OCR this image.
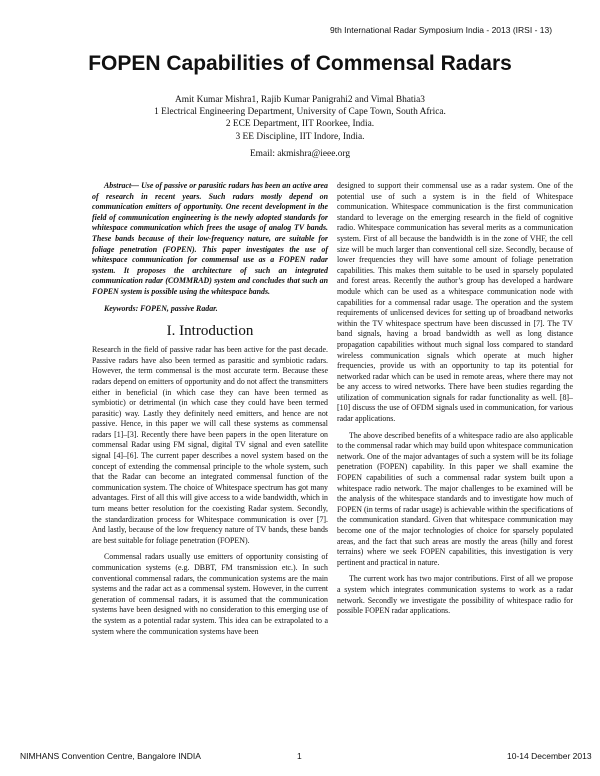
9th International Radar Symposium India - 2013 (IRSI - 13)
FOPEN Capabilities of Commensal Radars
Amit Kumar Mishra1, Rajib Kumar Panigrahi2 and Vimal Bhatia3
1 Electrical Engineering Department, University of Cape Town, South Africa.
2 ECE Department, IIT Roorkee, India.
3 EE Discipline, IIT Indore, India.
Email: akmishra@ieee.org

Abstract— Use of passive or parasitic radars has been an active area of research in recent years. Such radars mostly depend on communication emitters of opportunity. One recent development in the field of communication engineering is the newly adopted standards for whitespace communication which frees the usage of analog TV bands. These bands because of their low-frequency nature, are suitable for foliage penetration (FOPEN). This paper investigates the use of whitespace communication for commensal use as a FOPEN radar system. It proposes the architecture of such an integrated communication radar (COMMRAD) system and concludes that such an FOPEN system is possible using the whitespace bands.

Keywords: FOPEN, passive Radar.

I. Introduction

Research in the field of passive radar has been active for the past decade. Passive radars have also been termed as parasitic and symbiotic radars. However, the term commensal is the most accurate term. Because these radars depend on emitters of opportunity and do not affect the transmitters either in beneficial (in which case they can have been termed as symbiotic) or detrimental (in which case they could have been termed parasitic) way. Lastly they definitely need emitters, and hence are not passive. Hence, in this paper we will call these systems as commensal radars [1]–[3]. Recently there have been papers in the open literature on commensal Radar using FM signal, digital TV signal and even satellite signal [4]–[6]. The current paper describes a novel system based on the concept of extending the commensal principle to the whole system, such that the Radar can become an integrated commensal function of the communication system. The choice of Whitespace spectrum has got many advantages. First of all this will give access to a wide bandwidth, which in turn means better resolution for the coexisting Radar system. Secondly, the standardization process for Whitespace communication is over [7]. And lastly, because of the low frequency nature of TV bands, these bands are best suitable for foliage penetration (FOPEN).

Commensal radars usually use emitters of opportunity consisting of communication systems (e.g. DBBT, FM transmission etc.). In such conventional commensal radars, the communication systems are the main systems and the radar act as a commensal system. However, in the current generation of commensal radars, it is assumed that the communication systems have been designed with no consideration to this emerging use of the system as a potential radar system. This idea can be extrapolated to a system where the communication systems have been

designed to support their commensal use as a radar system. One of the potential use of such a system is in the field of Whitespace communication. Whitespace communication is the first communication standard to leverage on the emerging research in the field of cognitive radio. Whitespace communication has several merits as a communication system. First of all because the bandwidth is in the zone of VHF, the cell size will be much larger than conventional cell size. Secondly, because of lower frequencies they will have some amount of foliage penetration capabilities. This makes them suitable to be used in sparsely populated and forest areas. Recently the author’s group has developed a hardware module which can be used as a whitespace communication node with capabilities for a commensal radar usage. The operation and the system requirements of unlicensed devices for setting up of broadband networks within the TV whitespace spectrum have been discussed in [7]. The TV band signals, having a broad bandwidth as well as long distance propagation capabilities without much signal loss compared to standard wireless communication signals which operate at much higher frequencies, provide us with an opportunity to tap its potential for networked radar which can be used in remote areas, where there may not be any access to wired networks. There have been studies regarding the utilization of communication signals for radar functionality as well. [8]–[10] discuss the use of OFDM signals used in communication, for various radar applications.

The above described benefits of a whitespace radio are also applicable to the commensal radar which may build upon whitespace communication network. One of the major advantages of such a system will be its foliage penetration (FOPEN) capability. In this paper we shall examine the FOPEN capabilities of such a commensal radar system built upon a whitespace radio network. The major challenges to be examined will be the analysis of the whitespace standards and to investigate how much of FOPEN (in terms of radar usage) is achievable within the specifications of the communication standard. Given that whitespace communication may become one of the major technologies of choice for sparsely populated areas, and the fact that such areas are mostly the areas (hilly and forest terrains) where we seek FOPEN capabilities, this investigation is very pertinent and practical in nature.

The current work has two major contributions. First of all we propose a system which integrates communication systems to work as a radar network. Secondly we investigate the possibility of whitespace radio for possible FOPEN radar applications.

NIMHANS Convention Centre, Bangalore INDIA	1	10-14 December 2013
